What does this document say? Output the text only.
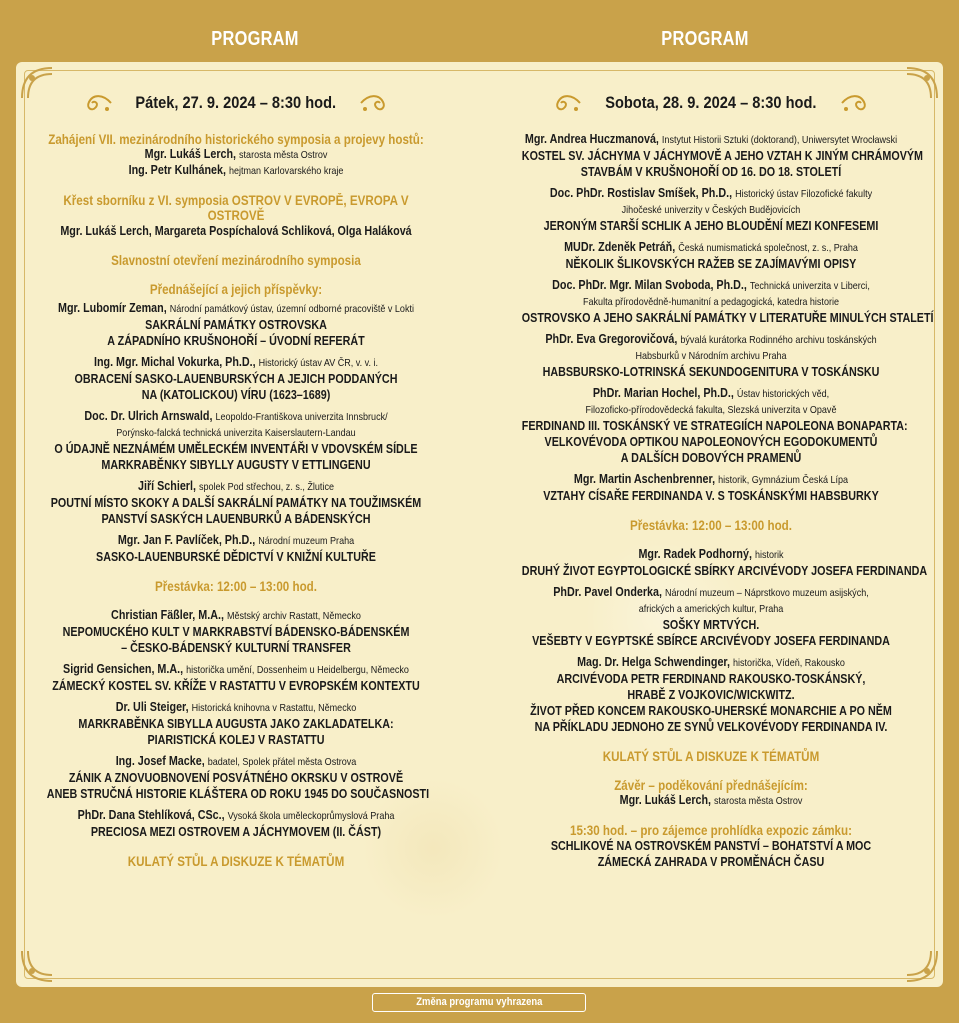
PROGRAM	PROGRAM
Pátek, 27. 9. 2024 – 8:30 hod.
Zahájení VII. mezinárodního historického symposia a projevy hostů:
Mgr. Lukáš Lerch, starosta města Ostrov
Ing. Petr Kulhánek, hejtman Karlovarského kraje
Křest sborníku z VI. symposia OSTROV V EVROPĚ, EVROPA V OSTROVĚ
Mgr. Lukáš Lerch, Margareta Pospíchalová Schliková, Olga Haláková
Slavnostní otevření mezinárodního symposia
Přednášející a jejich příspěvky:
Mgr. Lubomír Zeman, Národní památkový ústav, územní odborné pracoviště v Lokti
SAKRÁLNÍ PAMÁTKY OSTROVSKA
A ZÁPADNÍHO KRUŠNOHOŘÍ – ÚVODNÍ REFERÁT
Ing. Mgr. Michal Vokurka, Ph.D., Historický ústav AV ČR, v. v. i.
OBRACENÍ SASKO-LAUENBURSKÝCH A JEJICH PODDANÝCH
NA (KATOLICKOU) VÍRU (1623–1689)
Doc. Dr. Ulrich Arnswald, Leopoldo-Františkova univerzita Innsbruck/
Porýnsko-falcká technická univerzita Kaiserslautern-Landau
O ÚDAJNĚ NEZNÁMÉM UMĚLECKÉM INVENTÁŘI V VDOVSKÉM SÍDLE
MARKRABĚNKY SIBYLLY AUGUSTY V ETTLINGENU
Jiří Schierl, spolek Pod střechou, z. s., Žlutice
POUTNÍ MÍSTO SKOKY A DALŠÍ SAKRÁLNÍ PAMÁTKY NA TOUŽIMSKÉM
PANSTVÍ SASKÝCH LAUENBURKŮ A BÁDENSKÝCH
Mgr. Jan F. Pavlíček, Ph.D., Národní muzeum Praha
SASKO-LAUENBURSKÉ DĚDICTVÍ V KNIŽNÍ KULTUŘE
Přestávka: 12:00 – 13:00 hod.
Christian Fäßler, M.A., Městský archiv Rastatt, Německo
NEPOMUCKÉHO KULT V MARKRABSTVÍ BÁDENSKO-BÁDENSKÉM
– ČESKO-BÁDENSKÝ KULTURNÍ TRANSFER
Sigrid Gensichen, M.A., historička umění, Dossenheim u Heidelbergu, Německo
ZÁMECKÝ KOSTEL SV. KŘÍŽE V RASTATTU V EVROPSKÉM KONTEXTU
Dr. Uli Steiger, Historická knihovna v Rastattu, Německo
MARKRABĚNKA SIBYLLA AUGUSTA JAKO ZAKLADATELKA:
PIARISTICKÁ KOLEJ V RASTATTU
Ing. Josef Macke, badatel, Spolek přátel města Ostrova
ZÁNIK A ZNOVUOBNOVENÍ POSVÁTNÉHO OKRSKU V OSTROVĚ
ANEB STRUČNÁ HISTORIE KLÁŠTERA OD ROKU 1945 DO SOUČASNOSTI
PhDr. Dana Stehlíková, CSc., Vysoká škola uměleckoprůmyslová Praha
PRECIOSA MEZI OSTROVEM A JÁCHYMOVEM (II. ČÁST)
KULATÝ STŮL A DISKUZE K TÉMATŮM
Sobota, 28. 9. 2024 – 8:30 hod.
Mgr. Andrea Huczmanová, Instytut Historii Sztuki (doktorand), Uniwersytet Wrocławski
KOSTEL SV. JÁCHYMA V JÁCHYMOVĚ A JEHO VZTAH K JINÝM CHRÁMOVÝM
STAVBÁM V KRUŠNOHOŘÍ OD 16. DO 18. STOLETÍ
Doc. PhDr. Rostislav Smíšek, Ph.D., Historický ústav Filozofické fakulty
Jihočeské univerzity v Českých Budějovicích
JERONÝM STARŠÍ SCHLIK A JEHO BLOUDĚNÍ MEZI KONFESEMI
MUDr. Zdeněk Petráň, Česká numismatická společnost, z. s., Praha
NĚKOLIK ŠLIKOVSKÝCH RAŽEB SE ZAJÍMAVÝMI OPISY
Doc. PhDr. Mgr. Milan Svoboda, Ph.D., Technická univerzita v Liberci,
Fakulta přírodovědně-humanitní a pedagogická, katedra historie
OSTROVSKO A JEHO SAKRÁLNÍ PAMÁTKY V LITERATUŘE MINULÝCH STALETÍ
PhDr. Eva Gregorovičová, bývalá kurátorka Rodinného archivu toskánských
Habsburků v Národním archivu Praha
HABSBURSKO-LOTRINSKÁ SEKUNDOGENITURA V TOSKÁNSKU
PhDr. Marian Hochel, Ph.D., Ústav historických věd,
Filozoficko-přírodovědecká fakulta, Slezská univerzita v Opavě
FERDINAND III. TOSKÁNSKÝ VE STRATEGIÍCH NAPOLEONA BONAPARTA:
VELKOVÉVODA OPTIKOU NAPOLEONOVÝCH EGODOKUMENTŮ
A DALŠÍCH DOBOVÝCH PRAMENŮ
Mgr. Martin Aschenbrenner, historik, Gymnázium Česká Lípa
VZTAHY CÍSAŘE FERDINANDA V. S TOSKÁNSKÝMI HABSBURKY
Přestávka: 12:00 – 13:00 hod.
Mgr. Radek Podhorný, historik
DRUHÝ ŽIVOT EGYPTOLOGICKÉ SBÍRKY ARCIVÉVODY JOSEFA FERDINANDA
PhDr. Pavel Onderka, Národní muzeum – Náprstkovo muzeum asijských,
afrických a amerických kultur, Praha
SOŠKY MRTVÝCH.
VEŠEBTY V EGYPTSKÉ SBÍRCE ARCIVÉVODY JOSEFA FERDINANDA
Mag. Dr. Helga Schwendinger, historička, Vídeň, Rakousko
ARCIVÉVODA PETR FERDINAND RAKOUSKO-TOSKÁNSKÝ,
HRABĚ Z VOJKOVIC/WICKWITZ.
ŽIVOT PŘED KONCEM RAKOUSKO-UHERSKÉ MONARCHIE A PO NĚM
NA PŘÍKLADU JEDNOHO ZE SYNŮ VELKOVÉVODY FERDINANDA IV.
KULATÝ STŮL A DISKUZE K TÉMATŮM
Závěr – poděkování přednášejícím:
Mgr. Lukáš Lerch, starosta města Ostrov
15:30 hod. – pro zájemce prohlídka expozic zámku:
SCHLIKOVÉ NA OSTROVSKÉM PANSTVÍ – BOHATSTVÍ A MOC
ZÁMECKÁ ZAHRADA V PROMĚNÁCH ČASU
Změna programu vyhrazena
